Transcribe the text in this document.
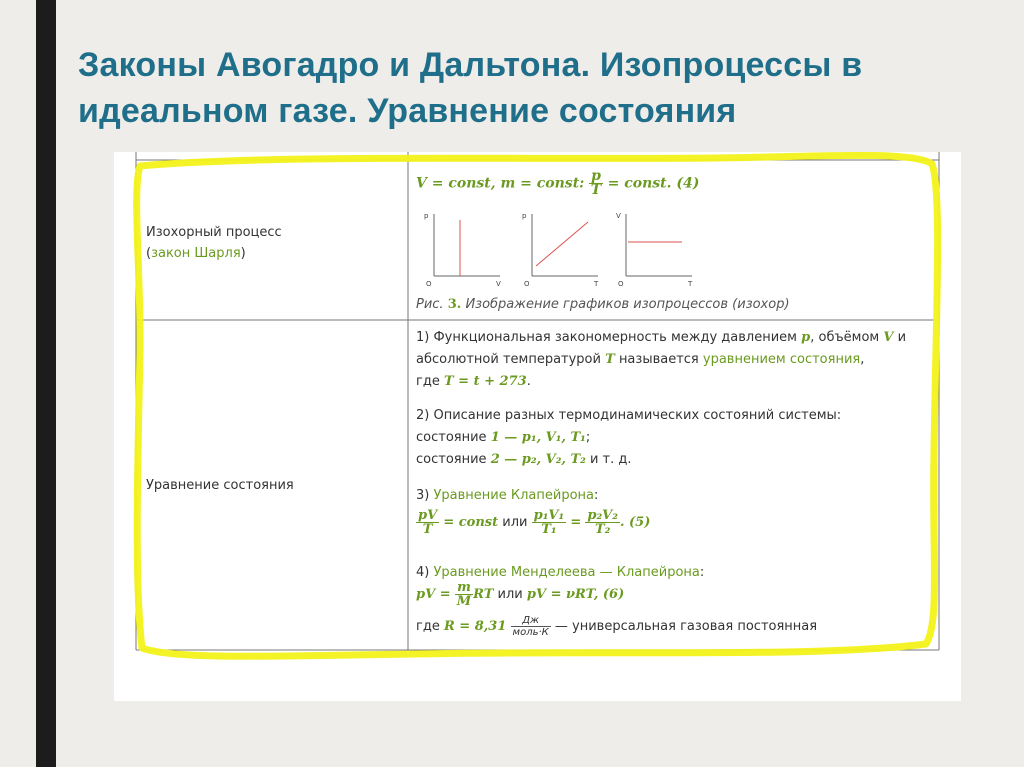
Законы Авогадро и Дальтона. Изопроцессы в идеальном газе. Уравнение состояния
Изохорный процесс
(закон Шарля)
V = const, m = const: $\frac{p}{T}$ = const. (4)
p
O	V
p
O	T
V
O	T
Рис. 3. Изображение графиков изопроцессов (изохор)
Уравнение состояния
1) Функциональная закономерность между давлением p, объёмом V и
абсолютной температурой T называется уравнением состояния,
где T = t + 273.
2) Описание разных термодинамических состояний системы:
состояние 1 — p₁, V₁, T₁;
состояние 2 — p₂, V₂, T₂ и т. д.
3) Уравнение Клапейрона:
$\frac{pV}{T}$ = const или $\frac{\text{p₁V₁}}{\text{T₁}} = \frac{\text{p₂V₂}}{\text{T₂}}$ . (5)
4) Уравнение Менделеева — Клапейрона:
pV = $\frac{m}{M}$ RT или pV = νRT, (6)
где $R = 8,31 \frac{Дж}{\text{моль·К}}$ — универсальная газовая постоянная
